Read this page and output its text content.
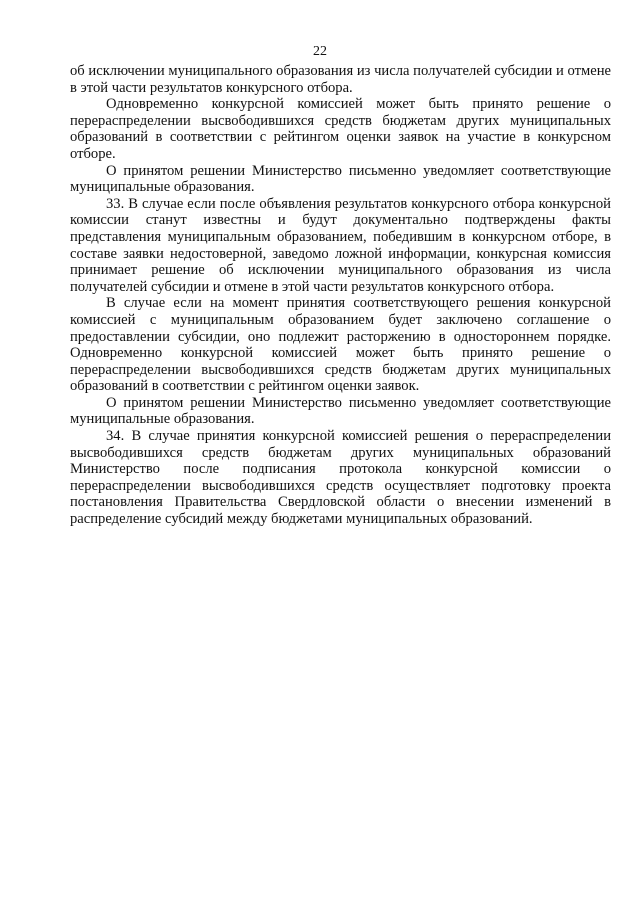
22

об исключении муниципального образования из числа получателей субсидии и отмене в этой части результатов конкурсного отбора.

Одновременно конкурсной комиссией может быть принято решение о перераспределении высвободившихся средств бюджетам других муниципальных образований в соответствии с рейтингом оценки заявок на участие в конкурсном отборе.

О принятом решении Министерство письменно уведомляет соответствующие муниципальные образования.

33. В случае если после объявления результатов конкурсного отбора конкурсной комиссии станут известны и будут документально подтверждены факты представления муниципальным образованием, победившим в конкурсном отборе, в составе заявки недостоверной, заведомо ложной информации, конкурсная комиссия принимает решение об исключении муниципального образования из числа получателей субсидии и отмене в этой части результатов конкурсного отбора.

В случае если на момент принятия соответствующего решения конкурсной комиссией с муниципальным образованием будет заключено соглашение о предоставлении субсидии, оно подлежит расторжению в одностороннем порядке. Одновременно конкурсной комиссией может быть принято решение о перераспределении высвободившихся средств бюджетам других муниципальных образований в соответствии с рейтингом оценки заявок.

О принятом решении Министерство письменно уведомляет соответствующие муниципальные образования.

34. В случае принятия конкурсной комиссией решения о перераспределении высвободившихся средств бюджетам других муниципальных образований Министерство после подписания протокола конкурсной комиссии о перераспределении высвободившихся средств осуществляет подготовку проекта постановления Правительства Свердловской области о внесении изменений в распределение субсидий между бюджетами муниципальных образований.
